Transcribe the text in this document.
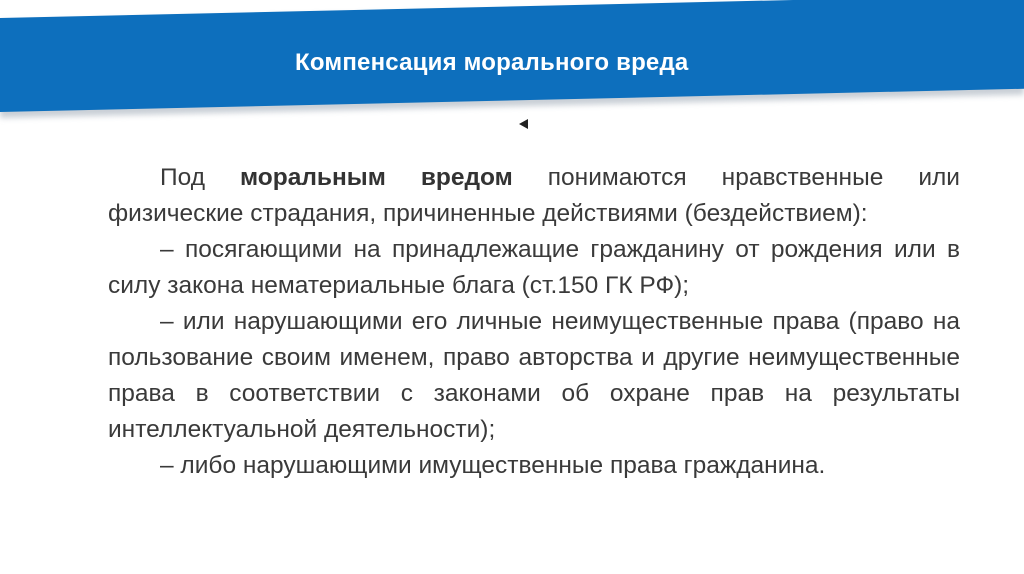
Компенсация морального вреда

Под моральным вредом понимаются нравственные или физические страдания, причиненные действиями (бездействием):

– посягающими на принадлежащие гражданину от рождения или в силу закона нематериальные блага (ст.150 ГК РФ);

– или нарушающими его личные неимущественные права (право на пользование своим именем, право авторства и другие неимущественные права в соответствии с законами об охране прав на результаты интеллектуальной деятельности);

– либо нарушающими имущественные права гражданина.
